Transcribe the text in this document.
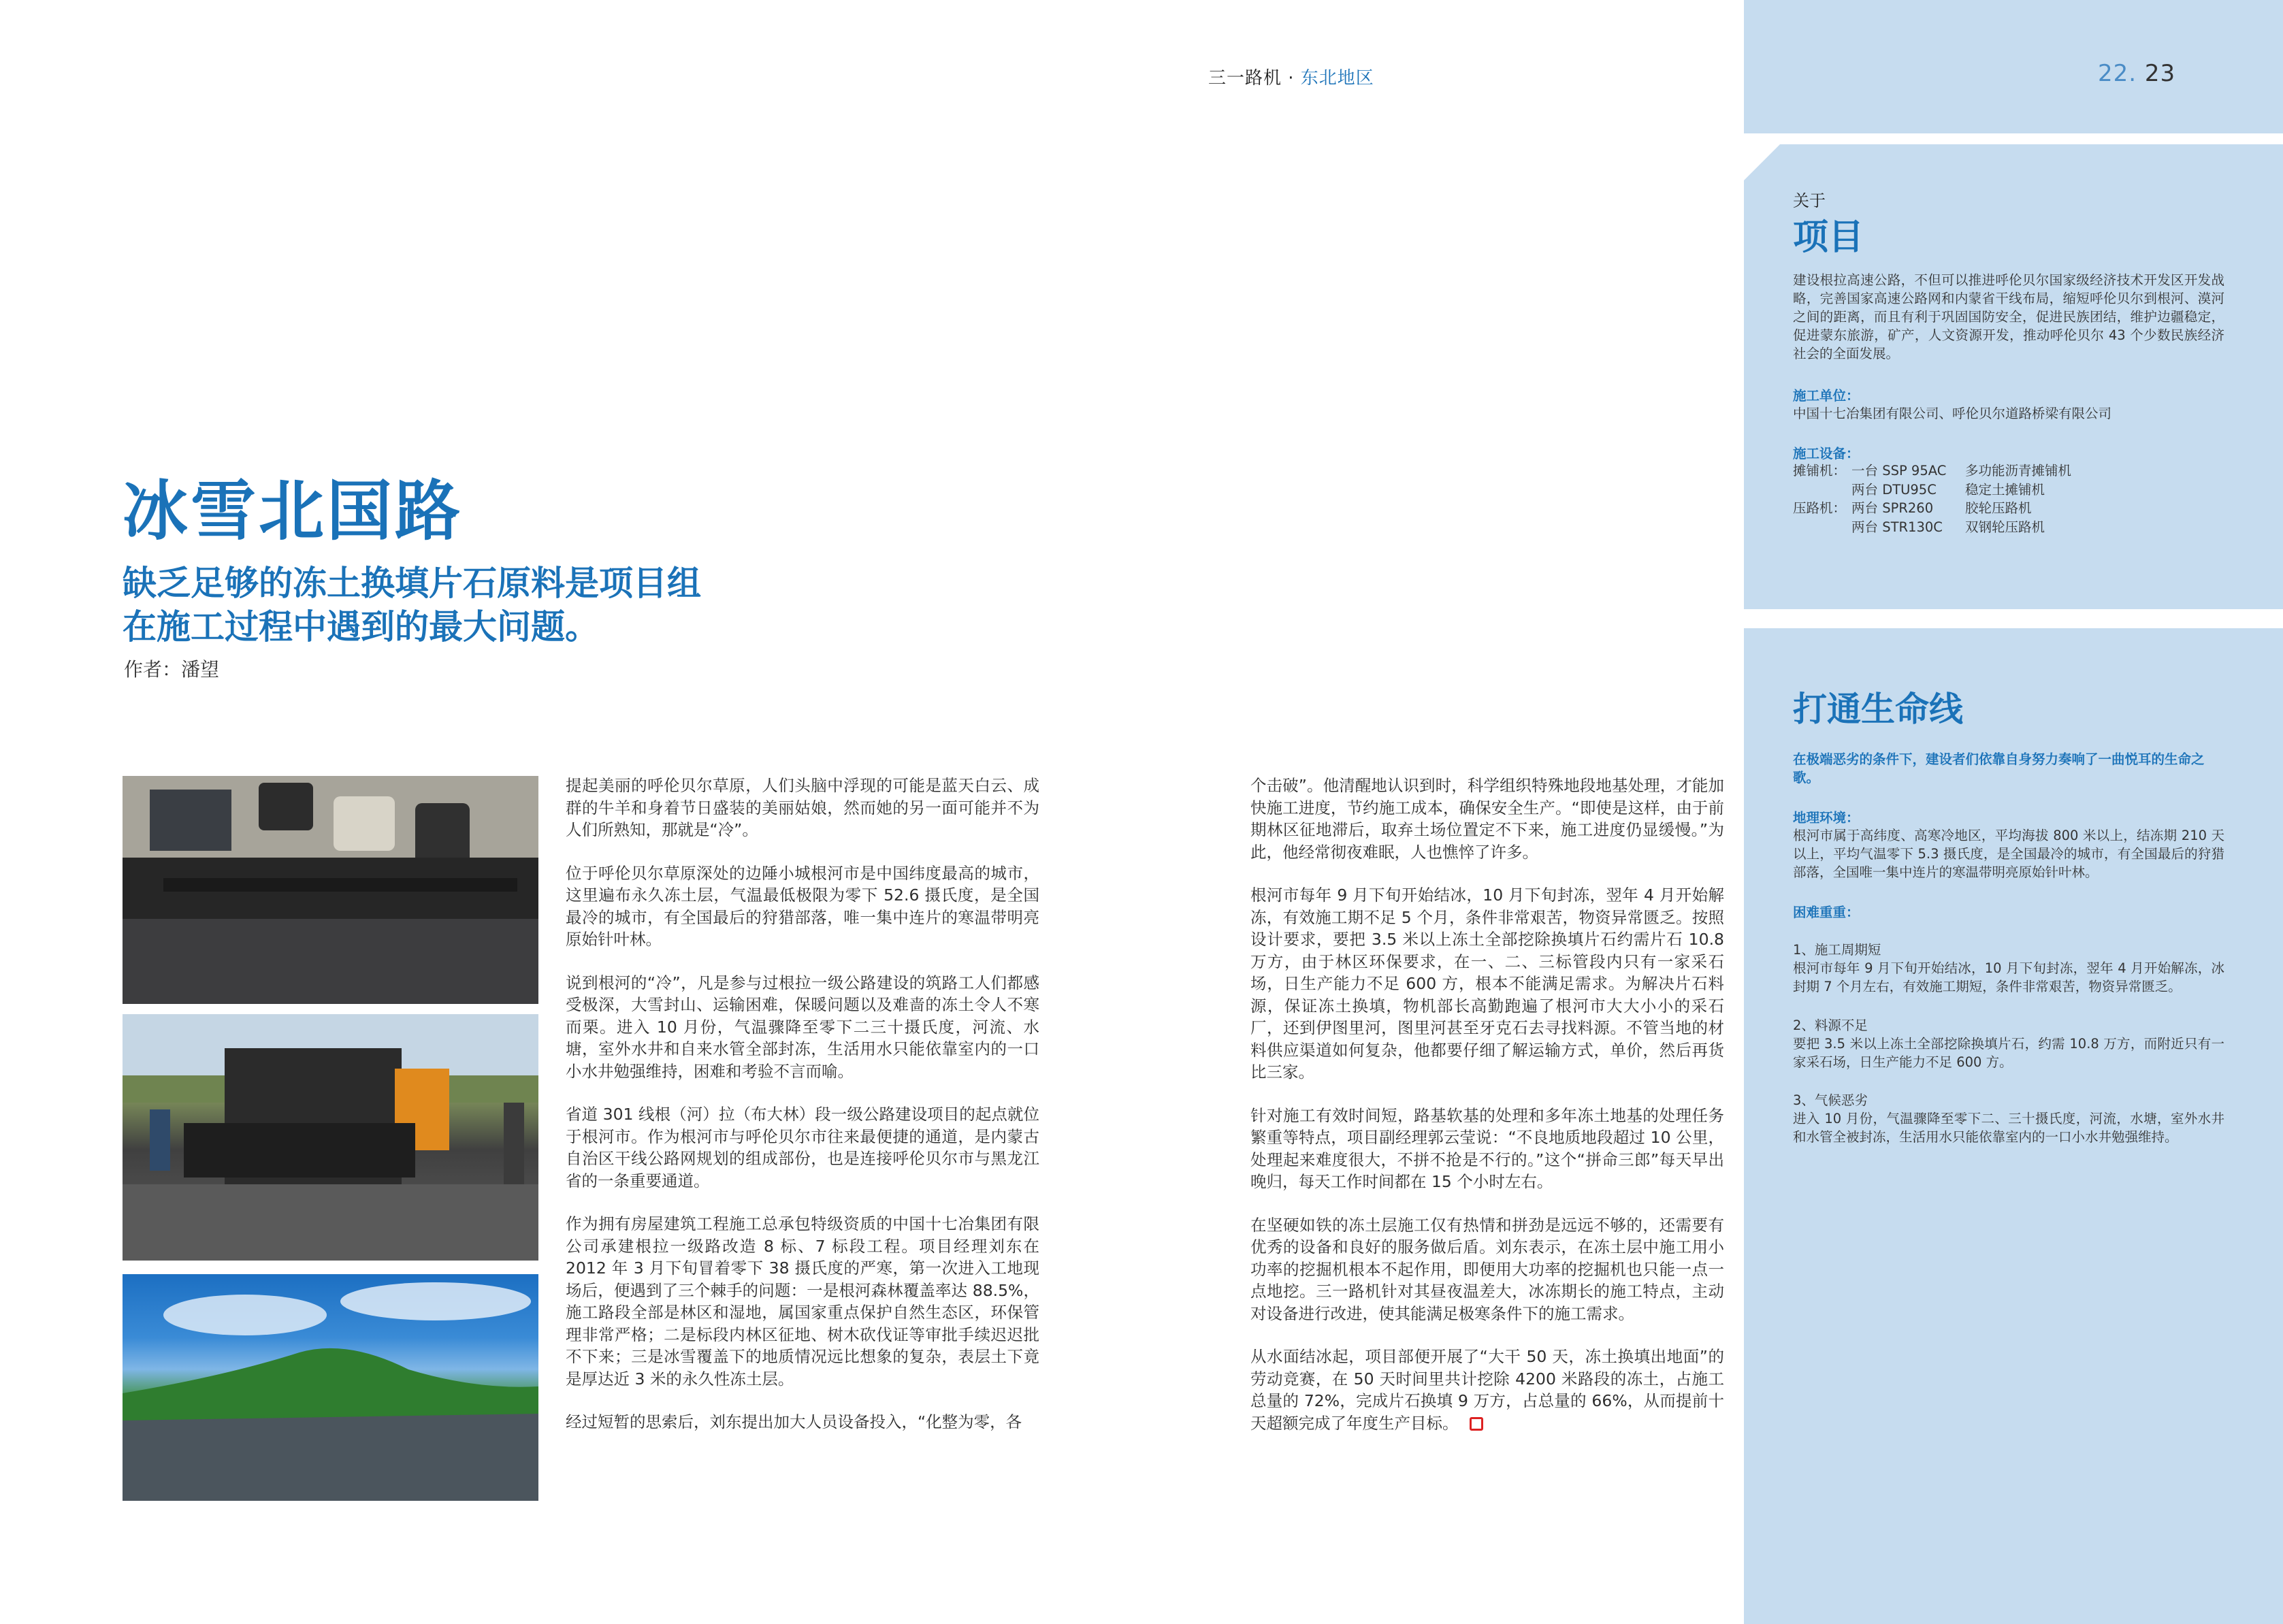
三一路机 · 东北地区	22. 23
冰雪北国路
缺乏足够的冻土换填片石原料是项目组
在施工过程中遇到的最大问题。
作者：潘望

提起美丽的呼伦贝尔草原，人们头脑中浮现的可能是蓝天白云、成群的牛羊和身着节日盛装的美丽姑娘，然而她的另一面可能并不为人们所熟知，那就是“冷”。

位于呼伦贝尔草原深处的边陲小城根河市是中国纬度最高的城市，这里遍布永久冻土层，气温最低极限为零下 52.6 摄氏度，是全国最冷的城市，有全国最后的狩猎部落，唯一集中连片的寒温带明亮原始针叶林。

说到根河的“冷”，凡是参与过根拉一级公路建设的筑路工人们都感受极深，大雪封山、运输困难，保暖问题以及难啬的冻土令人不寒而栗。进入 10 月份，气温骤降至零下二三十摄氏度，河流、水塘，室外水井和自来水管全部封冻，生活用水只能依靠室内的一口小水井勉强维持，困难和考验不言而喻。

省道 301 线根（河）拉（布大林）段一级公路建设项目的起点就位于根河市。作为根河市与呼伦贝尔市往来最便捷的通道，是内蒙古自治区干线公路网规划的组成部份，也是连接呼伦贝尔市与黑龙江省的一条重要通道。

作为拥有房屋建筑工程施工总承包特级资质的中国十七冶集团有限公司承建根拉一级路改造 8 标、7 标段工程。项目经理刘东在 2012 年 3 月下旬冒着零下 38 摄氏度的严寒，第一次进入工地现场后，便遇到了三个棘手的问题：一是根河森林覆盖率达 88.5%，施工路段全部是林区和湿地，属国家重点保护自然生态区，环保管理非常严格；二是标段内林区征地、树木砍伐证等审批手续迟迟批不下来；三是冰雪覆盖下的地质情况远比想象的复杂，表层土下竟是厚达近 3 米的永久性冻土层。

经过短暂的思索后，刘东提出加大人员设备投入，“化整为零，各

个击破”。他清醒地认识到时，科学组织特殊地段地基处理，才能加快施工进度，节约施工成本，确保安全生产。“即使是这样，由于前期林区征地滞后，取弃土场位置定不下来，施工进度仍显缓慢。”为此，他经常彻夜难眠，人也憔悴了许多。

根河市每年 9 月下旬开始结冰，10 月下旬封冻，翌年 4 月开始解冻，有效施工期不足 5 个月，条件非常艰苦，物资异常匮乏。按照设计要求，要把 3.5 米以上冻土全部挖除换填片石约需片石 10.8 万方，由于林区环保要求，在一、二、三标管段内只有一家采石场，日生产能力不足 600 方，根本不能满足需求。为解决片石料源，保证冻土换填，物机部长高勤跑遍了根河市大大小小的采石厂，还到伊图里河，图里河甚至牙克石去寻找料源。不管当地的材料供应渠道如何复杂，他都要仔细了解运输方式，单价，然后再货比三家。

针对施工有效时间短，路基软基的处理和多年冻土地基的处理任务繁重等特点，项目副经理郭云莹说：“不良地质地段超过 10 公里，处理起来难度很大，不拼不抢是不行的。”这个“拼命三郎”每天早出晚归，每天工作时间都在 15 个小时左右。

在坚硬如铁的冻土层施工仅有热情和拼劲是远远不够的，还需要有优秀的设备和良好的服务做后盾。刘东表示，在冻土层中施工用小功率的挖掘机根本不起作用，即便用大功率的挖掘机也只能一点一点地挖。三一路机针对其昼夜温差大，冰冻期长的施工特点，主动对设备进行改进，使其能满足极寒条件下的施工需求。

从水面结冰起，项目部便开展了“大干 50 天，冻土换填出地面”的劳动竞赛，在 50 天时间里共计挖除 4200 米路段的冻土，占施工总量的 72%，完成片石换填 9 万方，占总量的 66%，从而提前十天超额完成了年度生产目标。

关于
项目
建设根拉高速公路，不但可以推进呼伦贝尔国家级经济技术开发区开发战略，完善国家高速公路网和内蒙省干线布局，缩短呼伦贝尔到根河、漠河之间的距离，而且有利于巩固国防安全，促进民族团结，维护边疆稳定，促进蒙东旅游，矿产，人文资源开发，推动呼伦贝尔 43 个少数民族经济社会的全面发展。
施工单位：
中国十七冶集团有限公司、呼伦贝尔道路桥梁有限公司
施工设备：
摊铺机：

压路机：

一台 SSP 95AC
两台 DTU95C
两台 SPR260
两台 STR130C
多功能沥青摊铺机
稳定土摊铺机
胶轮压路机
双钢轮压路机
打通生命线
在极端恶劣的条件下，建设者们依靠自身努力奏响了一曲悦耳的生命之歌。
地理环境：
根河市属于高纬度、高寒冷地区，平均海拔 800 米以上，结冻期 210 天以上，平均气温零下 5.3 摄氏度，是全国最冷的城市，有全国最后的狩猎部落，全国唯一集中连片的寒温带明亮原始针叶林。
困难重重：
1、施工周期短
根河市每年 9 月下旬开始结冰，10 月下旬封冻，翌年 4 月开始解冻，冰封期 7 个月左右，有效施工期短，条件非常艰苦，物资异常匮乏。
2、料源不足
要把 3.5 米以上冻土全部挖除换填片石，约需 10.8 万方，而附近只有一家采石场，日生产能力不足 600 方。
3、气候恶劣
进入 10 月份，气温骤降至零下二、三十摄氏度，河流，水塘，室外水井和水管全被封冻，生活用水只能依靠室内的一口小水井勉强维持。
